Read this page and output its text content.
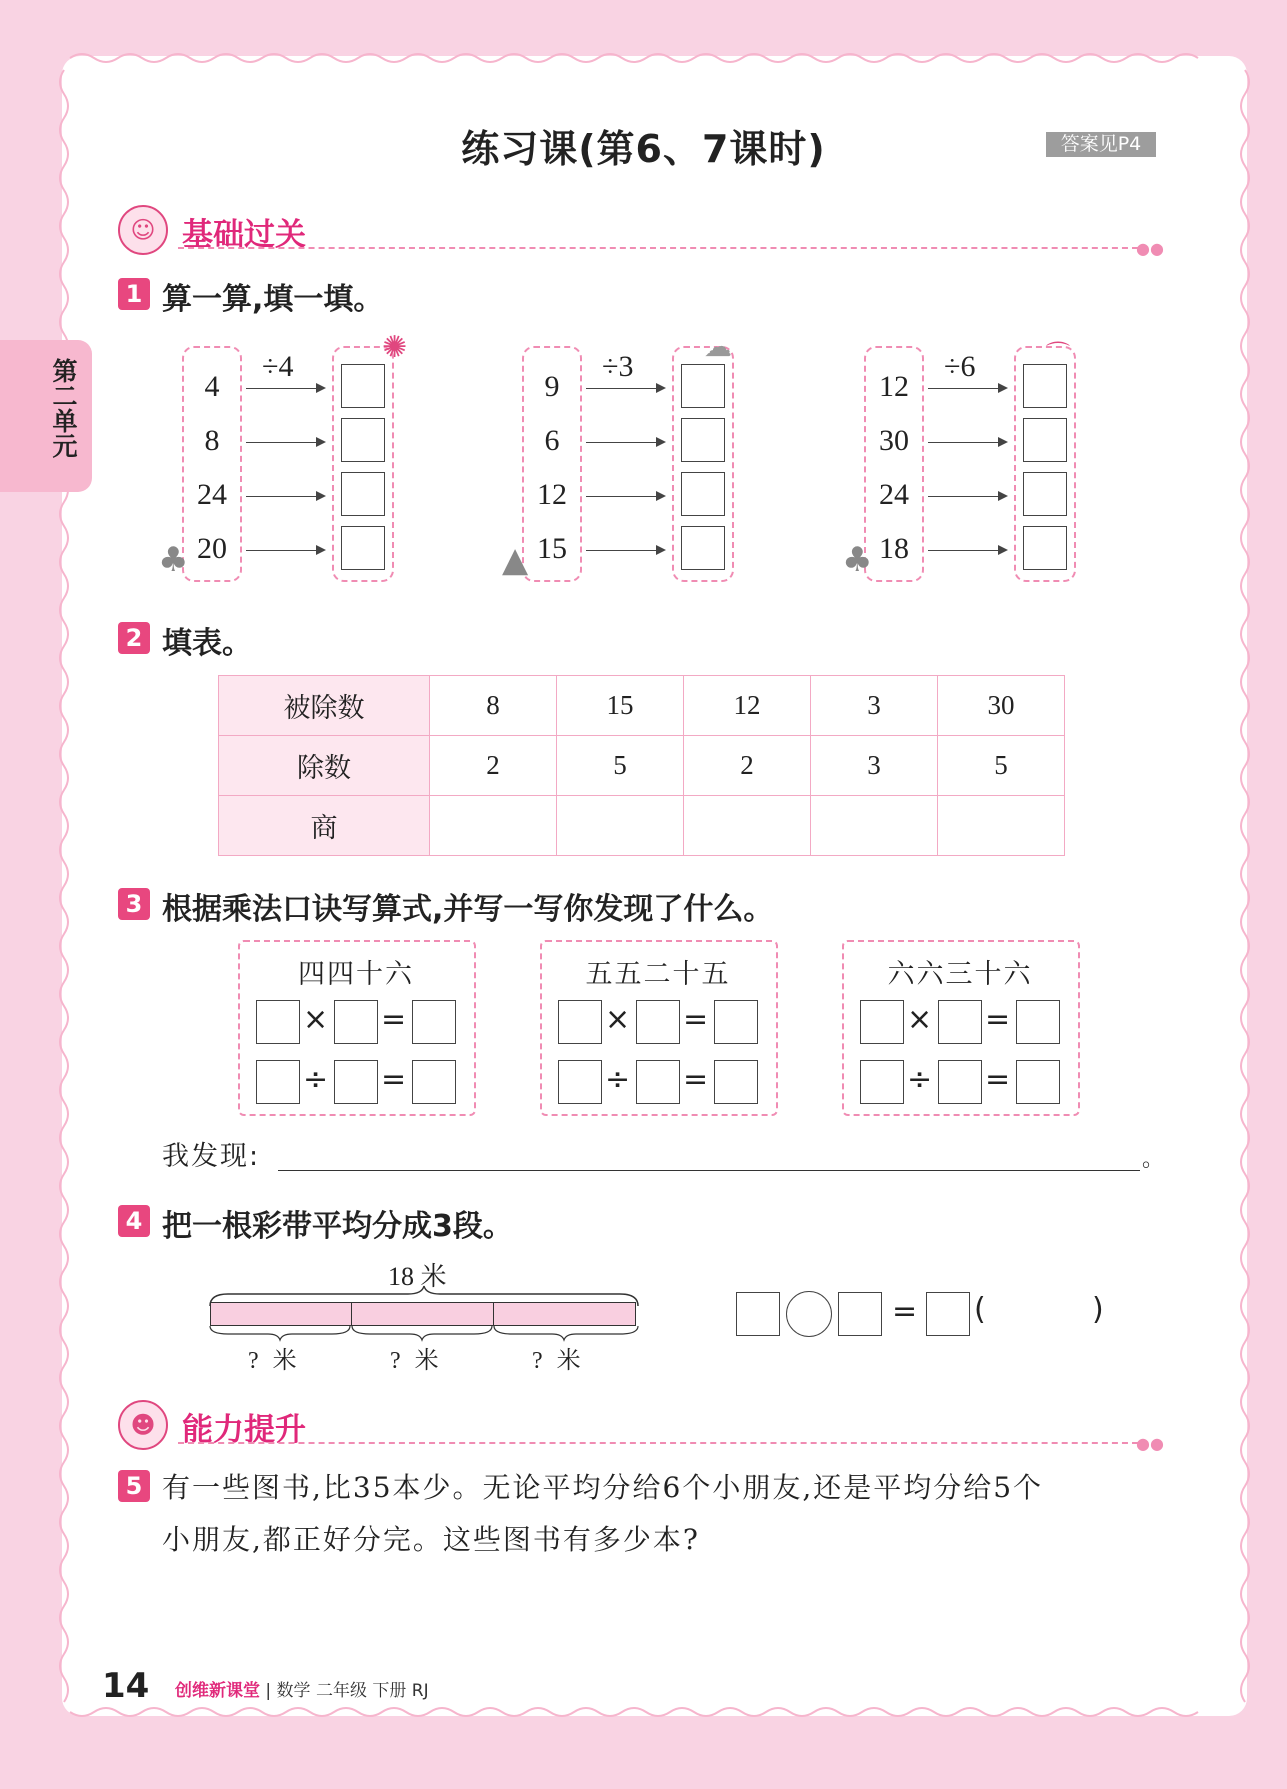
第二单元
练习课(第6、7课时)	答案见P4
☺ 基础过关	●●
1 算一算,填一填。
÷4
4
8
24
20
÷3
9
6
12
15
÷6
12
30
24
18
✺	☁	⌒
♣	▲	♣
2 填表。
被除数	8	15	12	3	30
除数	2	5	2	3	5
商					
3 根据乘法口诀写算式,并写一写你发现了什么。
四四十六
× =
÷ =
五五二十五
× =
÷ =
六六三十六
× =
÷ =
我发现:	。
4 把一根彩带平均分成3段。
18 米
? 米	? 米	? 米
= (	)
☻ 能力提升	●●
5 有一些图书,比35本少。无论平均分给6个小朋友,还是平均分给5个
小朋友,都正好分完。这些图书有多少本?
14 创维新课堂 | 数学 二年级 下册 RJ
